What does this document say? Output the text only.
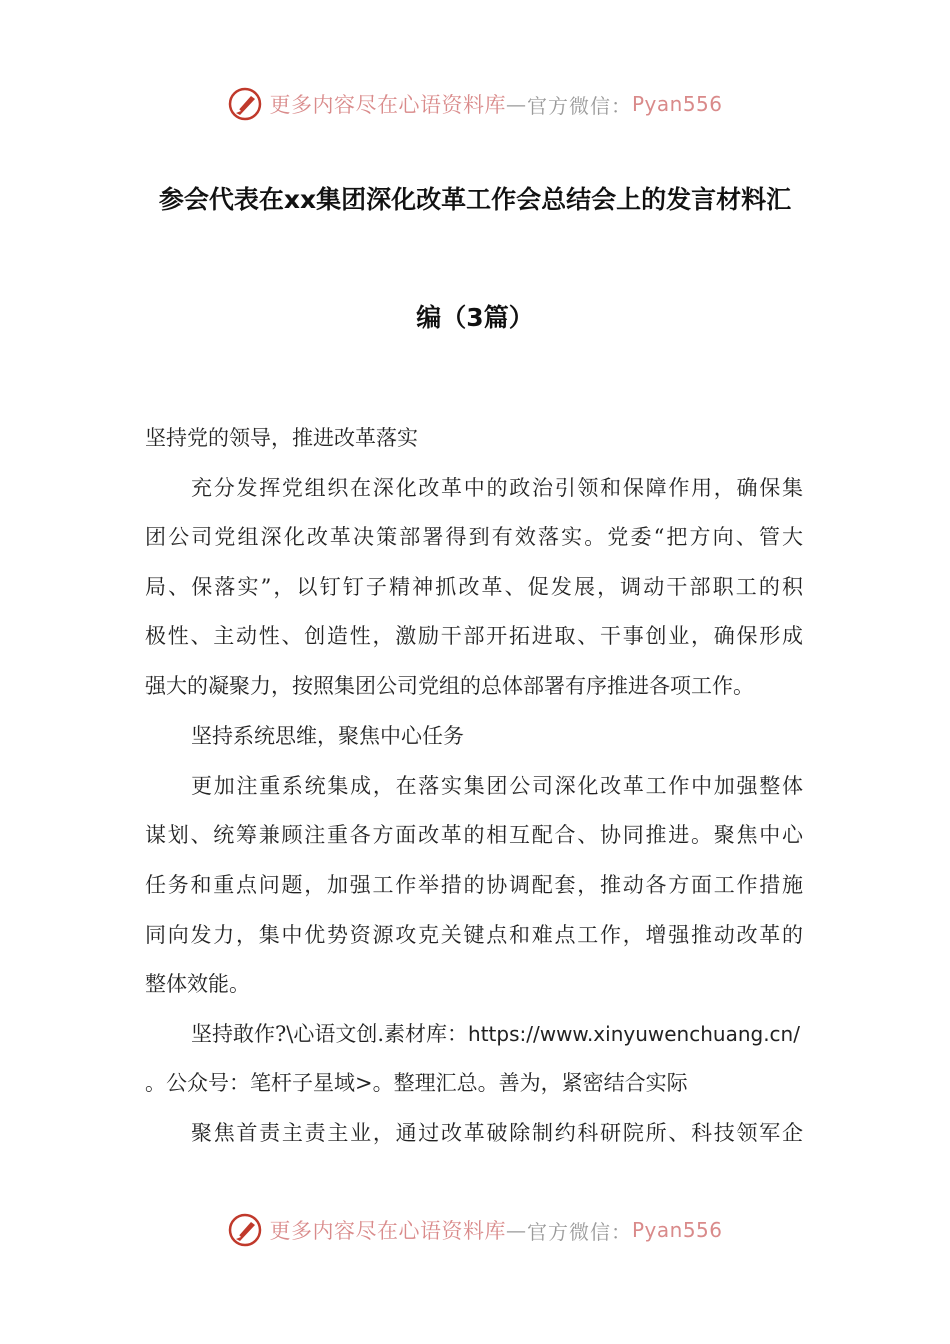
更多内容尽在心语资料库 — 官方微信： Pyan556
参会代表在xx集团深化改革工作会总结会上的发言材料汇
编（3篇）
坚持党的领导，推进改革落实
充分发挥党组织在深化改革中的政治引领和保障作用，确保集
团公司党组深化改革决策部署得到有效落实。党委“把方向、管大
局、保落实”，以钉钉子精神抓改革、促发展，调动干部职工的积
极性、主动性、创造性，激励干部开拓进取、干事创业，确保形成
强大的凝聚力，按照集团公司党组的总体部署有序推进各项工作。
坚持系统思维，聚焦中心任务
更加注重系统集成，在落实集团公司深化改革工作中加强整体
谋划、统筹兼顾注重各方面改革的相互配合、协同推进。聚焦中心
任务和重点问题，加强工作举措的协调配套，推动各方面工作措施
同向发力，集中优势资源攻克关键点和难点工作，增强推动改革的
整体效能。
坚持敢作?\心语文创.素材库：https://www.xinyuwenchuang.cn/
。公众号：笔杆子星域>。整理汇总。善为，紧密结合实际
聚焦首责主责主业，通过改革破除制约科研院所、科技领军企
更多内容尽在心语资料库 — 官方微信： Pyan556
